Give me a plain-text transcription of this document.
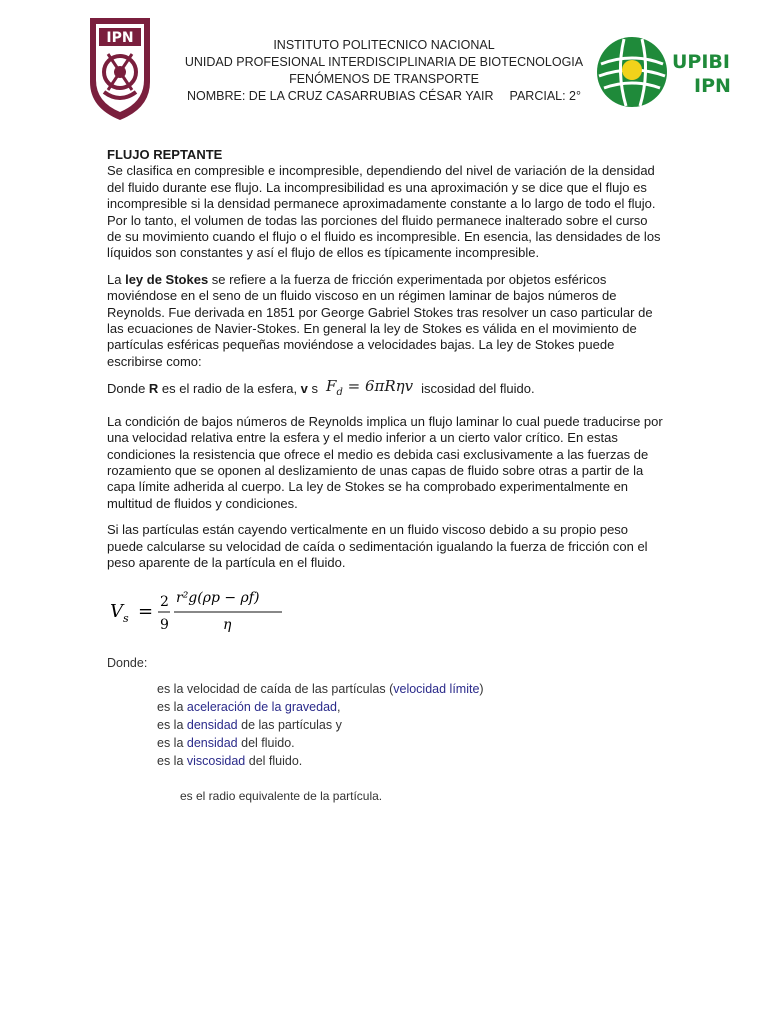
IPN	INSTITUTO POLITECNICO NACIONAL
UNIDAD PROFESIONAL INTERDISCIPLINARIA DE BIOTECNOLOGIA
FENÓMENOS DE TRANSPORTE
NOMBRE: DE LA CRUZ CASARRUBIAS CÉSAR YAIR PARCIAL: 2°
UPIBI
IPN
FLUJO REPTANTE

Se clasifica en compresible e incompresible, dependiendo del nivel de variación de la densidad del fluido durante ese flujo. La incompresibilidad es una aproximación y se dice que el flujo es incompresible si la densidad permanece aproximadamente constante a lo largo de todo el flujo. Por lo tanto, el volumen de todas las porciones del fluido permanece inalterado sobre el curso de su movimiento cuando el flujo o el fluido es incompresible. En esencia, las densidades de los líquidos son constantes y así el flujo de ellos es típicamente incompresible.

La ley de Stokes se refiere a la fuerza de fricción experimentada por objetos esféricos moviéndose en el seno de un fluido viscoso en un régimen laminar de bajos números de Reynolds. Fue derivada en 1851 por George Gabriel Stokes tras resolver un caso particular de las ecuaciones de Navier-Stokes. En general la ley de Stokes es válida en el movimiento de partículas esféricas pequeñas moviéndose a velocidades bajas. La ley de Stokes puede escribirse como:

Donde R es el radio de la esfera, v s $F_d = 6\pi R\eta v$ iscosidad del fluido.

La condición de bajos números de Reynolds implica un flujo laminar lo cual puede traducirse por una velocidad relativa entre la esfera y el medio inferior a un cierto valor crítico. En estas condiciones la resistencia que ofrece el medio es debida casi exclusivamente a las fuerzas de rozamiento que se oponen al deslizamiento de unas capas de fluido sobre otras a partir de la capa límite adherida al cuerpo. La ley de Stokes se ha comprobado experimentalmente en multitud de fluidos y condiciones.

Si las partículas están cayendo verticalmente en un fluido viscoso debido a su propio peso puede calcularse su velocidad de caída o sedimentación igualando la fuerza de fricción con el peso aparente de la partícula en el fluido.

V s = 2
9
r²g(ρp − ρf)
η
Donde:
es la velocidad de caída de las partículas (velocidad límite)
es la aceleración de la gravedad,
es la densidad de las partículas y
es la densidad del fluido.
es la viscosidad del fluido.
es el radio equivalente de la partícula.
